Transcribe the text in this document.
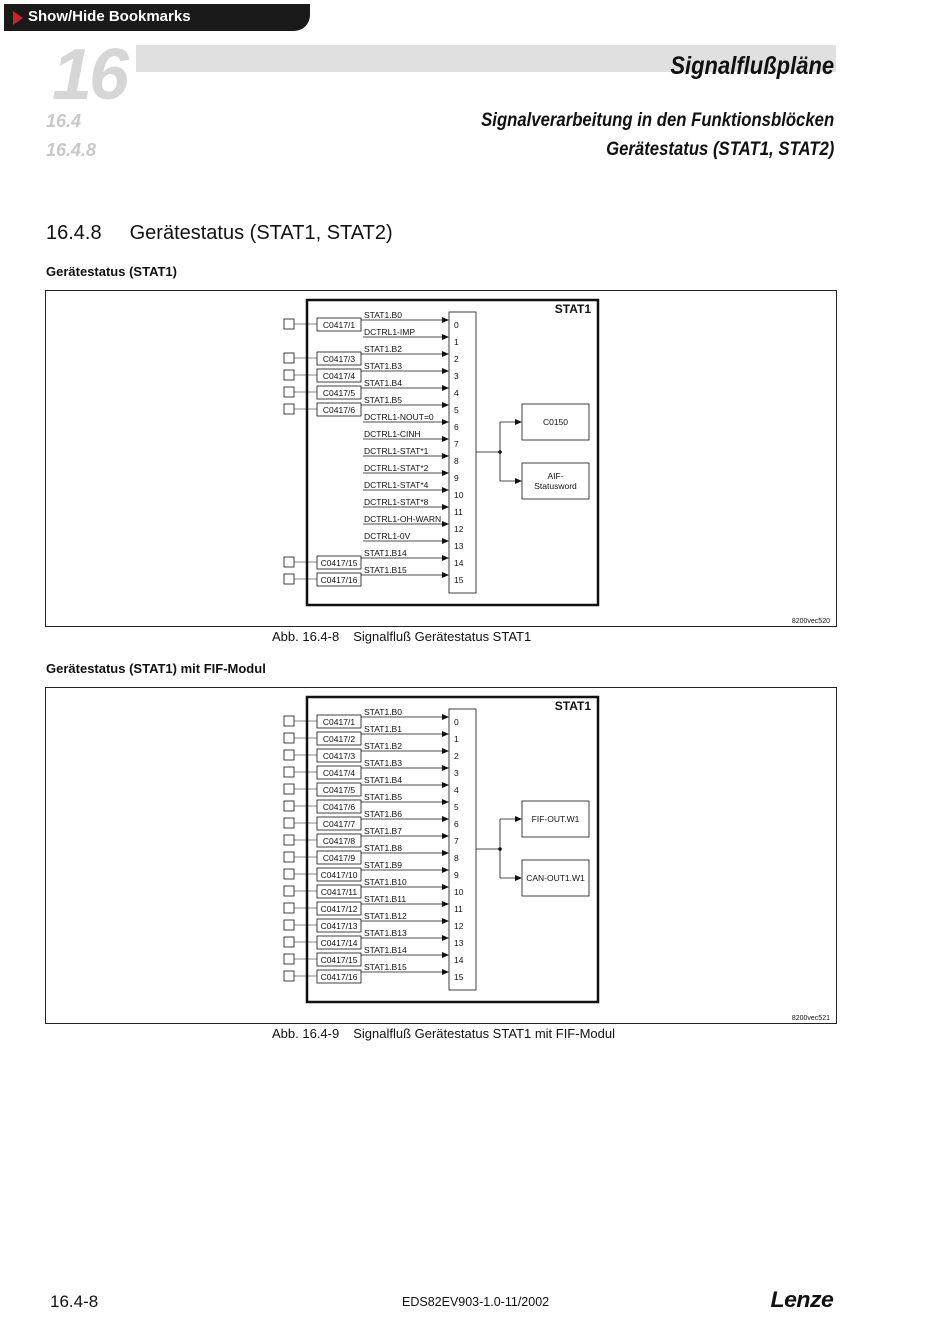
Show/Hide Bookmarks
16	Signalflußpläne
16.4	Signalverarbeitung in den Funktionsblöcken
16.4.8	Gerätestatus (STAT1, STAT2)
16.4.8 Gerätestatus (STAT1, STAT2)
Gerätestatus (STAT1)
STAT1
C0417/1
STAT1.B0
0
DCTRL1-IMP
1
C0417/3
STAT1.B2
2
C0417/4
STAT1.B3
3
C0417/5
STAT1.B4
4
C0417/6
STAT1.B5
5
DCTRL1-NOUT=0
6
DCTRL1-CINH
7
DCTRL1-STAT*1
8
DCTRL1-STAT*2
9
DCTRL1-STAT*4
10
DCTRL1-STAT*8
11
DCTRL1-OH-WARN
12
DCTRL1-0V
13
C0417/15
STAT1.B14
14
C0417/16
STAT1.B15
15
C0150
AIF-
Statusword
8200vec520
Abb. 16.4-8 Signalfluß Gerätestatus STAT1
Gerätestatus (STAT1) mit FIF-Modul
STAT1
C0417/1
STAT1.B0
0
C0417/2
STAT1.B1
1
C0417/3
STAT1.B2
2
C0417/4
STAT1.B3
3
C0417/5
STAT1.B4
4
C0417/6
STAT1.B5
5
C0417/7
STAT1.B6
6
C0417/8
STAT1.B7
7
C0417/9
STAT1.B8
8
C0417/10
STAT1.B9
9
C0417/11
STAT1.B10
10
C0417/12
STAT1.B11
11
C0417/13
STAT1.B12
12
C0417/14
STAT1.B13
13
C0417/15
STAT1.B14
14
C0417/16
STAT1.B15
15
FIF-OUT.W1
CAN-OUT1.W1
8200vec521
Abb. 16.4-9 Signalfluß Gerätestatus STAT1 mit FIF-Modul
16.4-8	EDS82EV903-1.0-11/2002	Lenze
